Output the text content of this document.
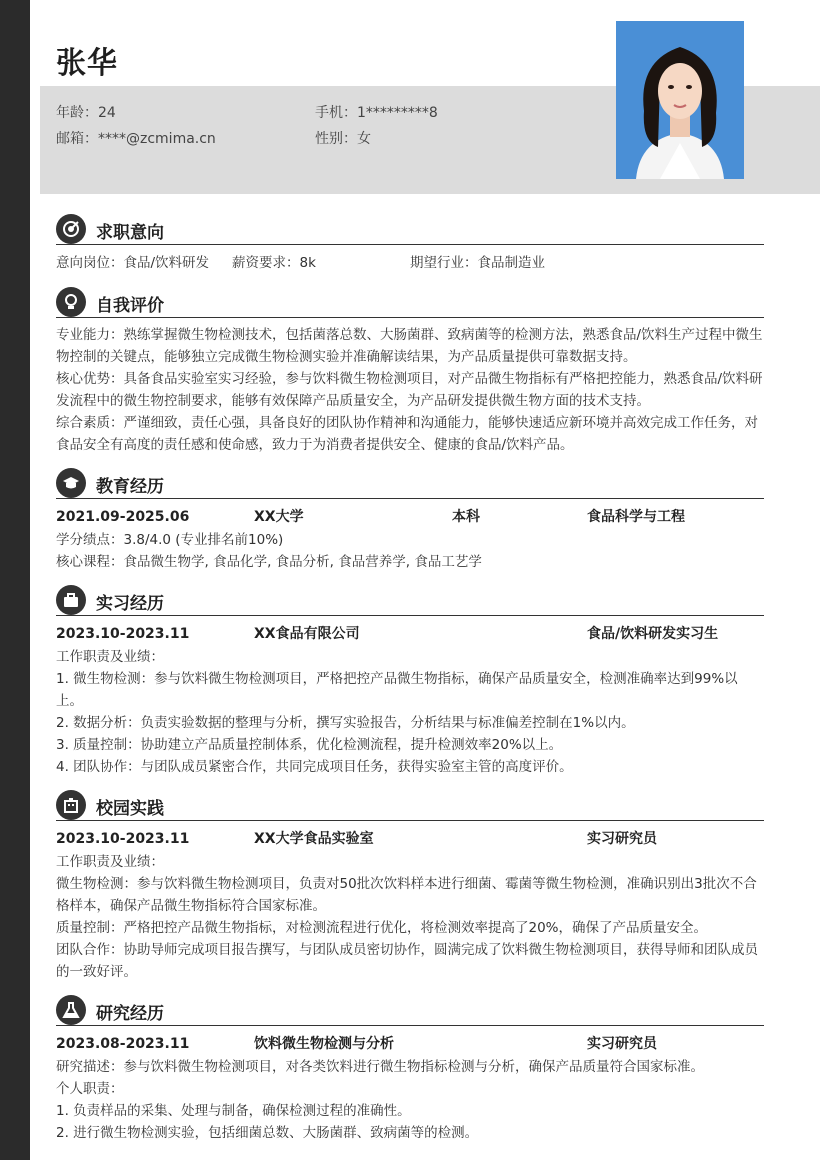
张华
年龄：24	手机：1*********8
邮箱：****@zcmima.cn	性别：女
求职意向
意向岗位：食品/饮料研发	薪资要求：8k	期望行业：食品制造业
自我评价
专业能力：熟练掌握微生物检测技术，包括菌落总数、大肠菌群、致病菌等的检测方法，熟悉食品/饮料生产过程中微生物控制的关键点，能够独立完成微生物检测实验并准确解读结果，为产品质量提供可靠数据支持。
核心优势：具备食品实验室实习经验，参与饮料微生物检测项目，对产品微生物指标有严格把控能力，熟悉食品/饮料研发流程中的微生物控制要求，能够有效保障产品质量安全，为产品研发提供微生物方面的技术支持。
综合素质：严谨细致，责任心强，具备良好的团队协作精神和沟通能力，能够快速适应新环境并高效完成工作任务，对食品安全有高度的责任感和使命感，致力于为消费者提供安全、健康的食品/饮料产品。
教育经历
2021.09-2025.06	XX大学	本科	食品科学与工程
学分绩点：3.8/4.0 (专业排名前10%)
核心课程：食品微生物学, 食品化学, 食品分析, 食品营养学, 食品工艺学
实习经历
2023.10-2023.11	XX食品有限公司	食品/饮料研发实习生
工作职责及业绩：
1. 微生物检测：参与饮料微生物检测项目，严格把控产品微生物指标，确保产品质量安全，检测准确率达到99%以上。
2. 数据分析：负责实验数据的整理与分析，撰写实验报告，分析结果与标准偏差控制在1%以内。
3. 质量控制：协助建立产品质量控制体系，优化检测流程，提升检测效率20%以上。
4. 团队协作：与团队成员紧密合作，共同完成项目任务，获得实验室主管的高度评价。
校园实践
2023.10-2023.11	XX大学食品实验室	实习研究员
工作职责及业绩：
微生物检测：参与饮料微生物检测项目，负责对50批次饮料样本进行细菌、霉菌等微生物检测，准确识别出3批次不合格样本，确保产品微生物指标符合国家标准。
质量控制：严格把控产品微生物指标，对检测流程进行优化，将检测效率提高了20%，确保了产品质量安全。
团队合作：协助导师完成项目报告撰写，与团队成员密切协作，圆满完成了饮料微生物检测项目，获得导师和团队成员的一致好评。
研究经历
2023.08-2023.11	饮料微生物检测与分析	实习研究员
研究描述：参与饮料微生物检测项目，对各类饮料进行微生物指标检测与分析，确保产品质量符合国家标准。
个人职责：
1. 负责样品的采集、处理与制备，确保检测过程的准确性。
2. 进行微生物检测实验，包括细菌总数、大肠菌群、致病菌等的检测。
